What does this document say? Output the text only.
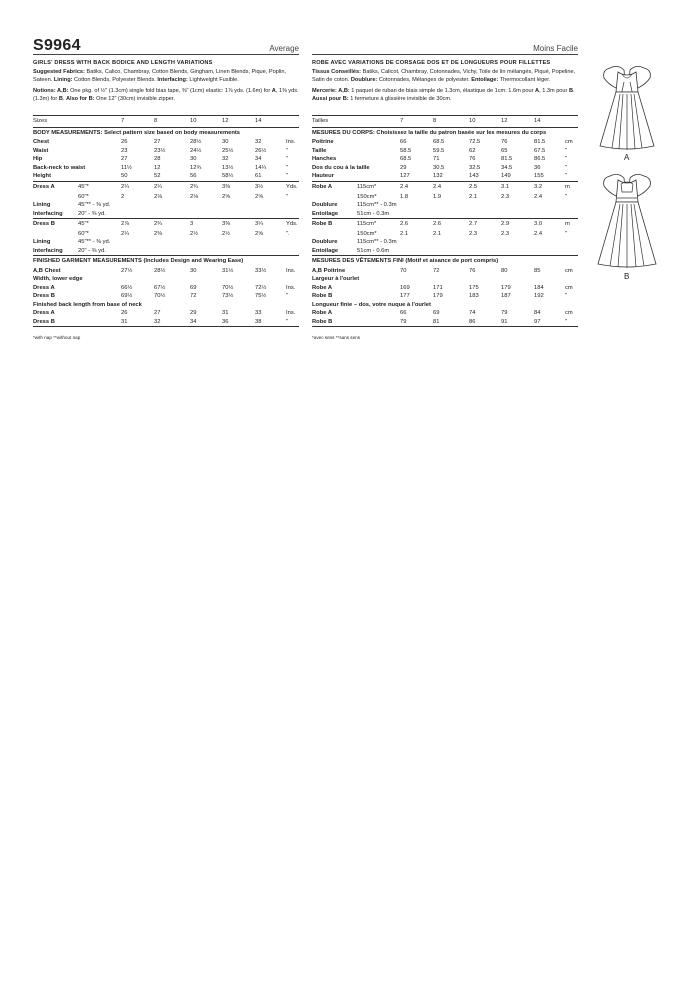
S9964	Average
GIRLS' DRESS WITH BACK BODICE AND LENGTH VARIATIONS
Suggested Fabrics: Batiks, Calico, Chambray, Cotton Blends, Gingham, Linen Blends, Pique, Poplin, Sateen. Lining: Cotton Blends, Polyester Blends. Interfacing: Lightweight Fusible.
Notions: A,B: One pkg. of ½" (1.3cm) single fold bias tape, ⅜" (1cm) elastic: 1⅞ yds. (1.6m) for A, 1⅜ yds. (1.3m) for B. Also for B: One 12" (30cm) invisible zipper.
Sizes	7	8	10	12	14
BODY MEASUREMENTS: Select pattern size based on body measurements
Chest	26	27	28½	30	32	Ins.
Waist	23	23½	24½	25½	26½	"
Hip	27	28	30	32	34	"
Back-neck to waist	11½	12	12¾	13½	14¼	"
Height	50	52	56	58½	61	"
Dress A	45"*	2¼	2¼	2¾	3⅜	3½	Yds.
60"*	2	2⅛	2⅛	2⅝	2⅝	"
Lining	45"** - ⅜ yd.
Interfacing	20" - ⅜ yd.
Dress B	45"*	2⅞	2¾	3	3⅜	3¼	Yds.
60"*	2¼	2⅜	2½	2½	2⅝	".
Lining	45"** - ⅜ yd.
Interfacing	20" - ⅜ yd.
FINISHED GARMENT MEASUREMENTS (Includes Design and Wearing Ease)
A,B Chest	27½	28½	30	31½	33½	Ins.
Width, lower edge
Dress A	66½	67½	69	70½	72½	Ins.
Dress B	69½	70½	72	73½	75½	"
Finished back length from base of neck
Dress A	26	27	29	31	33	Ins.
Dress B	31	32	34	36	38	"
*with nap **without nap
Moins Facile
ROBE AVEC VARIATIONS DE CORSAGE DOS ET DE LONGUEURS POUR FILLETTES
Tissus Conseillés: Batiks, Calicot, Chambray, Cotonnades, Vichy, Toile de lin mélangés, Piqué, Popeline, Satin de coton. Doublure: Cotonnades, Mélanges de polyester. Entoilage: Thermocollant léger.
Mercerie: A,B: 1 paquet de ruban de biais simple de 1.3cm, élastique de 1cm: 1.6m pour A, 1.3m pour B. Aussi pour B: 1 fermeture à glissière invisible de 30cm.
Tailles	7	8	10	12	14
MESURES DU CORPS: Choisissez la taille du patron basée sur les mesures du corps
Poitrine	66	68.5	72.5	76	81.5	cm
Taille	58.5	59.5	62	65	67.5	"
Hanches	68.5	71	76	81.5	86.5	"
Dos du cou à la taille	29	30.5	32.5	34.5	36	"
Hauteur	127	132	143	149	155	"
Robe A	115cm*	2.4	2.4	2.5	3.1	3.2	m
150cm*	1.8	1.9	2.1	2.3	2.4	"
Doublure	115cm** - 0.3m
Entoilage	51cm - 0.3m
Robe B	115cm*	2.6	2.6	2.7	2.9	3.0	m
150cm*	2.1	2.1	2.3	2.3	2.4	"
Doublure	115cm** - 0.3m
Entoilage	51cm - 0.6m
MESURES DES VÊTEMENTS FINI (Motif et aisance de port compris)
A,B Poitrine	70	72	76	80	85	cm
Largeur à l'ourlet
Robe A	169	171	175	179	184	cm
Robe B	177	179	183	187	192	"
Longueur finie – dos, votre nuque à l'ourlet
Robe A	66	69	74	79	84	cm
Robe B	79	81	86	91	97	"
*avec sens **sans sens
A
B
